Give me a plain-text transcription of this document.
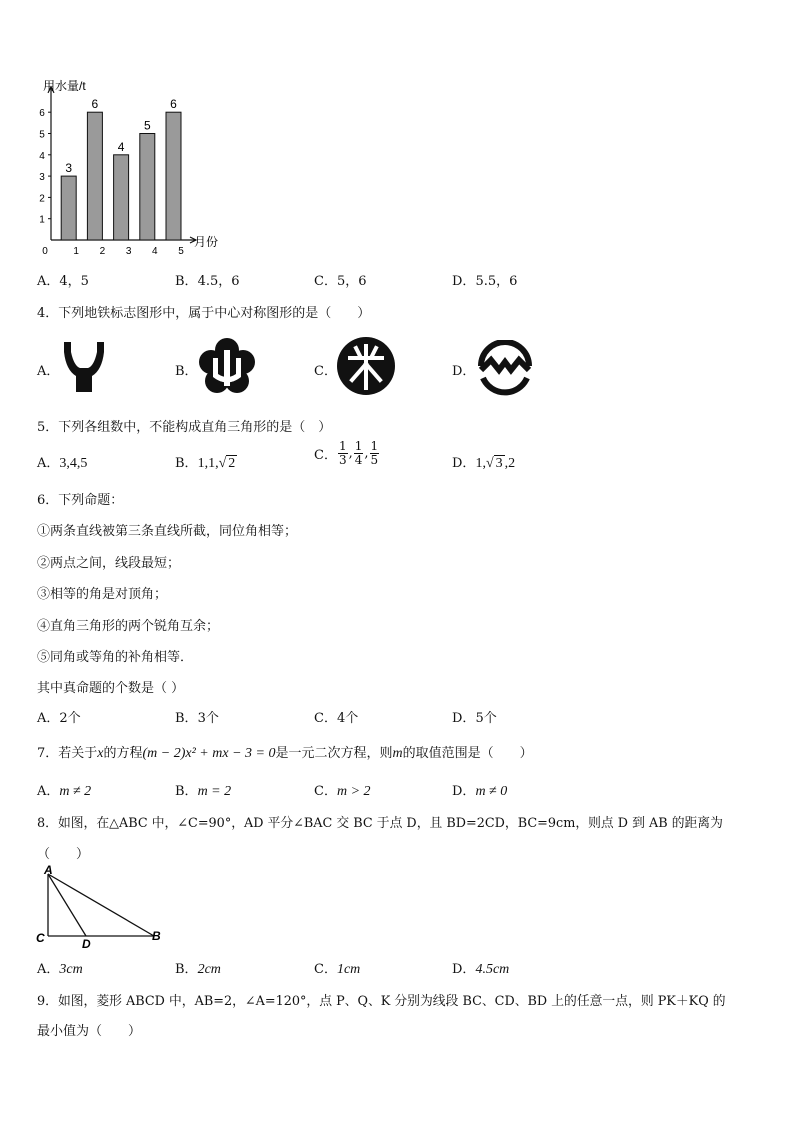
用水量/t
月份
0
1
2
3
4
5
6
3
1
6
2
4
3
5
4
6
5
A．4，5	B．4.5，6	C．5，6	D．5.5，6
4．下列地铁标志图形中，属于中心对称图形的是（　　）
A．	B．	C．	D．
5．下列各组数中，不能构成直角三角形的是（　）
A．3,4,5	B．1,1,√ 2
C． $\frac{1}{3}$ , $\frac{1}{4}$ , $\frac{1}{5}$	D．1,√ 3 ,2
6．下列命题：
①两条直线被第三条直线所截，同位角相等；
②两点之间，线段最短；
③相等的角是对顶角；
④直角三角形的两个锐角互余；
⑤同角或等角的补角相等．
其中真命题的个数是（ ）
A．2个	B．3个	C．4个	D．5个
7．若关于x的方程(m − 2)x² + mx − 3 = 0是一元二次方程，则m的取值范围是（　　）
A．m ≠ 2	B．m = 2	C．m > 2	D．m ≠ 0
8．如图，在△ABC 中，∠C=90°，AD 平分∠BAC 交 BC 于点 D，且 BD=2CD，BC=9cm，则点 D 到 AB 的距离为
（　　）
A
C	D
B
A．3cm	B．2cm	C．1cm	D．4.5cm
9．如图，菱形 ABCD 中，AB=2，∠A=120°，点 P、Q、K 分别为线段 BC、CD、BD 上的任意一点，则 PK＋KQ 的
最小值为（　　）
